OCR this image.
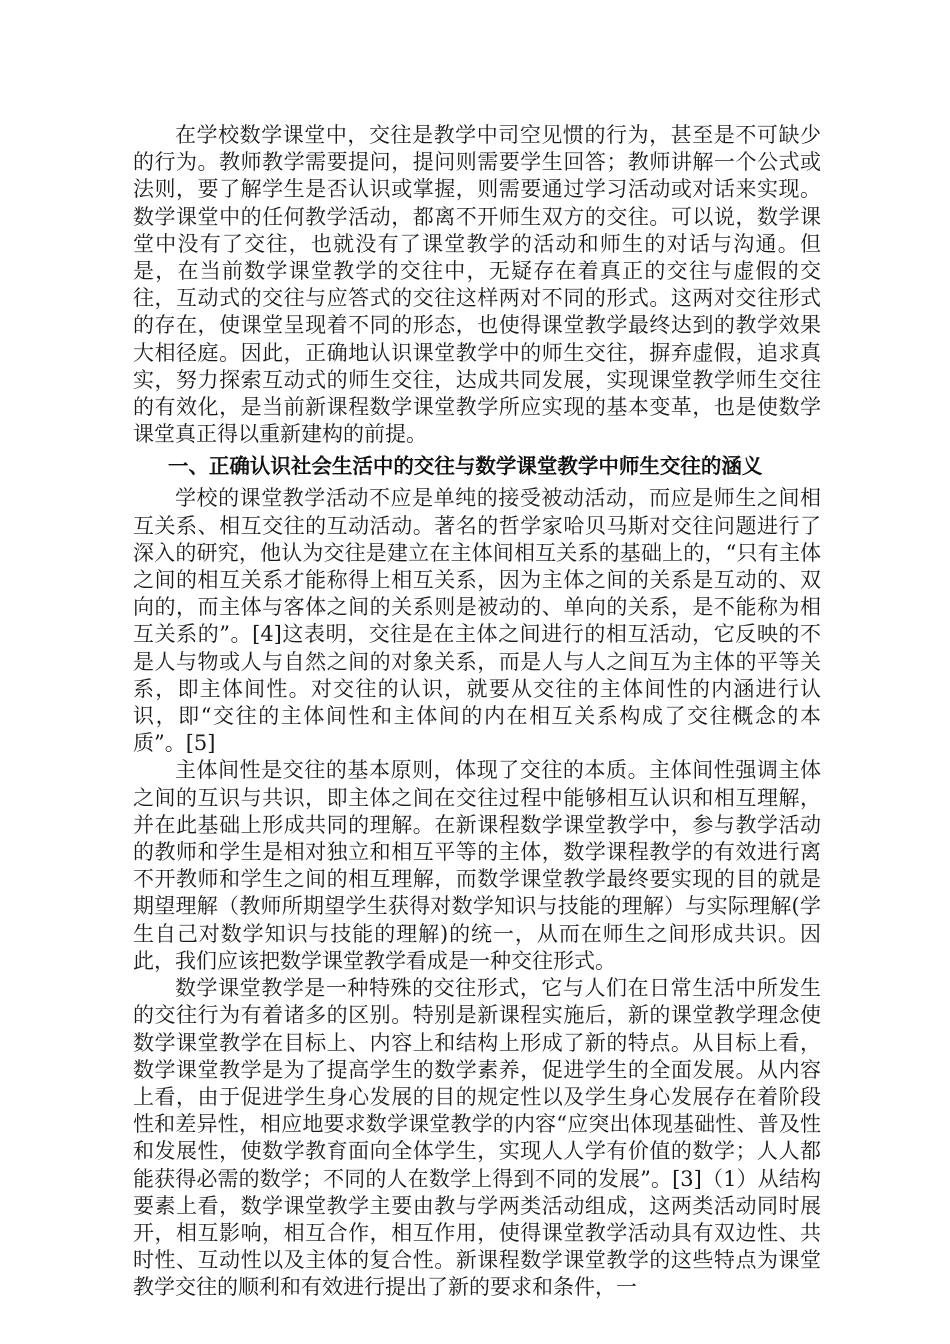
在学校数学课堂中，交往是教学中司空见惯的行为，甚至是不可缺少的行为。教师教学需要提问，提问则需要学生回答；教师讲解一个公式或法则，要了解学生是否认识或掌握，则需要通过学习活动或对话来实现。数学课堂中的任何教学活动，都离不开师生双方的交往。可以说，数学课堂中没有了交往，也就没有了课堂教学的活动和师生的对话与沟通。但是，在当前数学课堂教学的交往中，无疑存在着真正的交往与虚假的交往，互动式的交往与应答式的交往这样两对不同的形式。这两对交往形式的存在，使课堂呈现着不同的形态，也使得课堂教学最终达到的教学效果大相径庭。因此，正确地认识课堂教学中的师生交往，摒弃虚假，追求真实，努力探索互动式的师生交往，达成共同发展，实现课堂教学师生交往的有效化，是当前新课程数学课堂教学所应实现的基本变革，也是使数学课堂真正得以重新建构的前提。

一、正确认识社会生活中的交往与数学课堂教学中师生交往的涵义

学校的课堂教学活动不应是单纯的接受被动活动，而应是师生之间相互关系、相互交往的互动活动。著名的哲学家哈贝马斯对交往问题进行了深入的研究，他认为交往是建立在主体间相互关系的基础上的，“只有主体之间的相互关系才能称得上相互关系，因为主体之间的关系是互动的、双向的，而主体与客体之间的关系则是被动的、单向的关系，是不能称为相互关系的”。[4]这表明，交往是在主体之间进行的相互活动，它反映的不是人与物或人与自然之间的对象关系，而是人与人之间互为主体的平等关系，即主体间性。对交往的认识，就要从交往的主体间性的内涵进行认识，即“交往的主体间性和主体间的内在相互关系构成了交往概念的本质”。[5]

主体间性是交往的基本原则，体现了交往的本质。主体间性强调主体之间的互识与共识，即主体之间在交往过程中能够相互认识和相互理解，并在此基础上形成共同的理解。在新课程数学课堂教学中，参与教学活动的教师和学生是相对独立和相互平等的主体，数学课程教学的有效进行离不开教师和学生之间的相互理解，而数学课堂教学最终要实现的目的就是期望理解（教师所期望学生获得对数学知识与技能的理解）与实际理解(学生自己对数学知识与技能的理解)的统一，从而在师生之间形成共识。因此，我们应该把数学课堂教学看成是一种交往形式。

数学课堂教学是一种特殊的交往形式，它与人们在日常生活中所发生的交往行为有着诸多的区别。特别是新课程实施后，新的课堂教学理念使数学课堂教学在目标上、内容上和结构上形成了新的特点。从目标上看，数学课堂教学是为了提高学生的数学素养，促进学生的全面发展。从内容上看，由于促进学生身心发展的目的规定性以及学生身心发展存在着阶段性和差异性，相应地要求数学课堂教学的内容“应突出体现基础性、普及性和发展性，使数学教育面向全体学生，实现人人学有价值的数学；人人都能获得必需的数学；不同的人在数学上得到不同的发展”。[3]（1）从结构要素上看，数学课堂教学主要由教与学两类活动组成，这两类活动同时展开，相互影响，相互合作，相互作用，使得课堂教学活动具有双边性、共时性、互动性以及主体的复合性。新课程数学课堂教学的这些特点为课堂教学交往的顺利和有效进行提出了新的要求和条件，一
